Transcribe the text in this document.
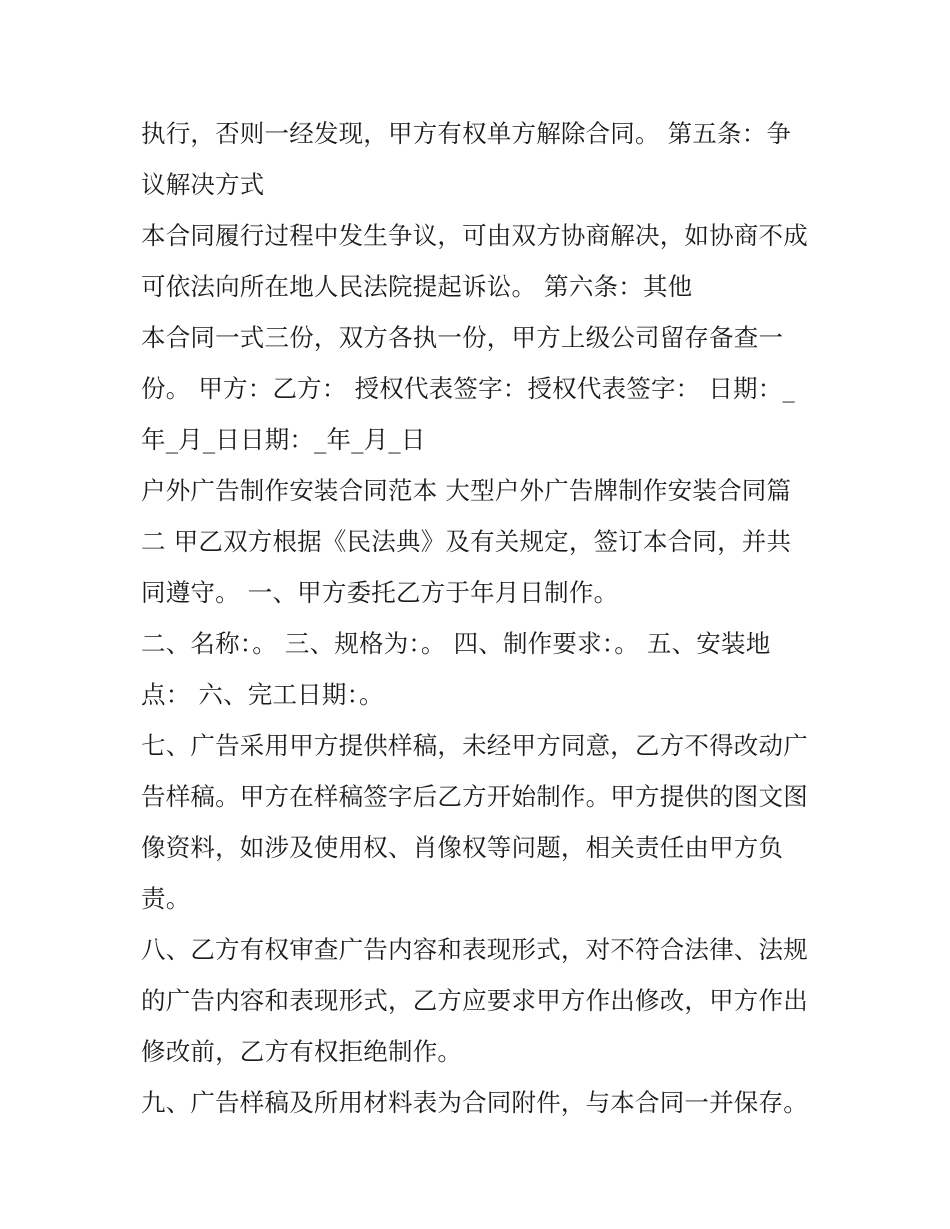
执行，否则一经发现，甲方有权单方解除合同。 第五条：争
议解决方式
本合同履行过程中发生争议，可由双方协商解决，如协商不成
可依法向所在地人民法院提起诉讼。 第六条：其他
本合同一式三份，双方各执一份，甲方上级公司留存备查一
份。 甲方：乙方： 授权代表签字：授权代表签字： 日期：_
年_月_日日期：_年_月_日
户外广告制作安装合同范本 大型户外广告牌制作安装合同篇
二 甲乙双方根据《民法典》及有关规定，签订本合同，并共
同遵守。 一、甲方委托乙方于年月日制作。
二、名称：。 三、规格为：。 四、制作要求：。 五、安装地
点： 六、完工日期：。
七、广告采用甲方提供样稿，未经甲方同意，乙方不得改动广
告样稿。甲方在样稿签字后乙方开始制作。甲方提供的图文图
像资料，如涉及使用权、肖像权等问题，相关责任由甲方负
责。
八、乙方有权审查广告内容和表现形式，对不符合法律、法规
的广告内容和表现形式，乙方应要求甲方作出修改，甲方作出
修改前，乙方有权拒绝制作。
九、广告样稿及所用材料表为合同附件，与本合同一并保存。
